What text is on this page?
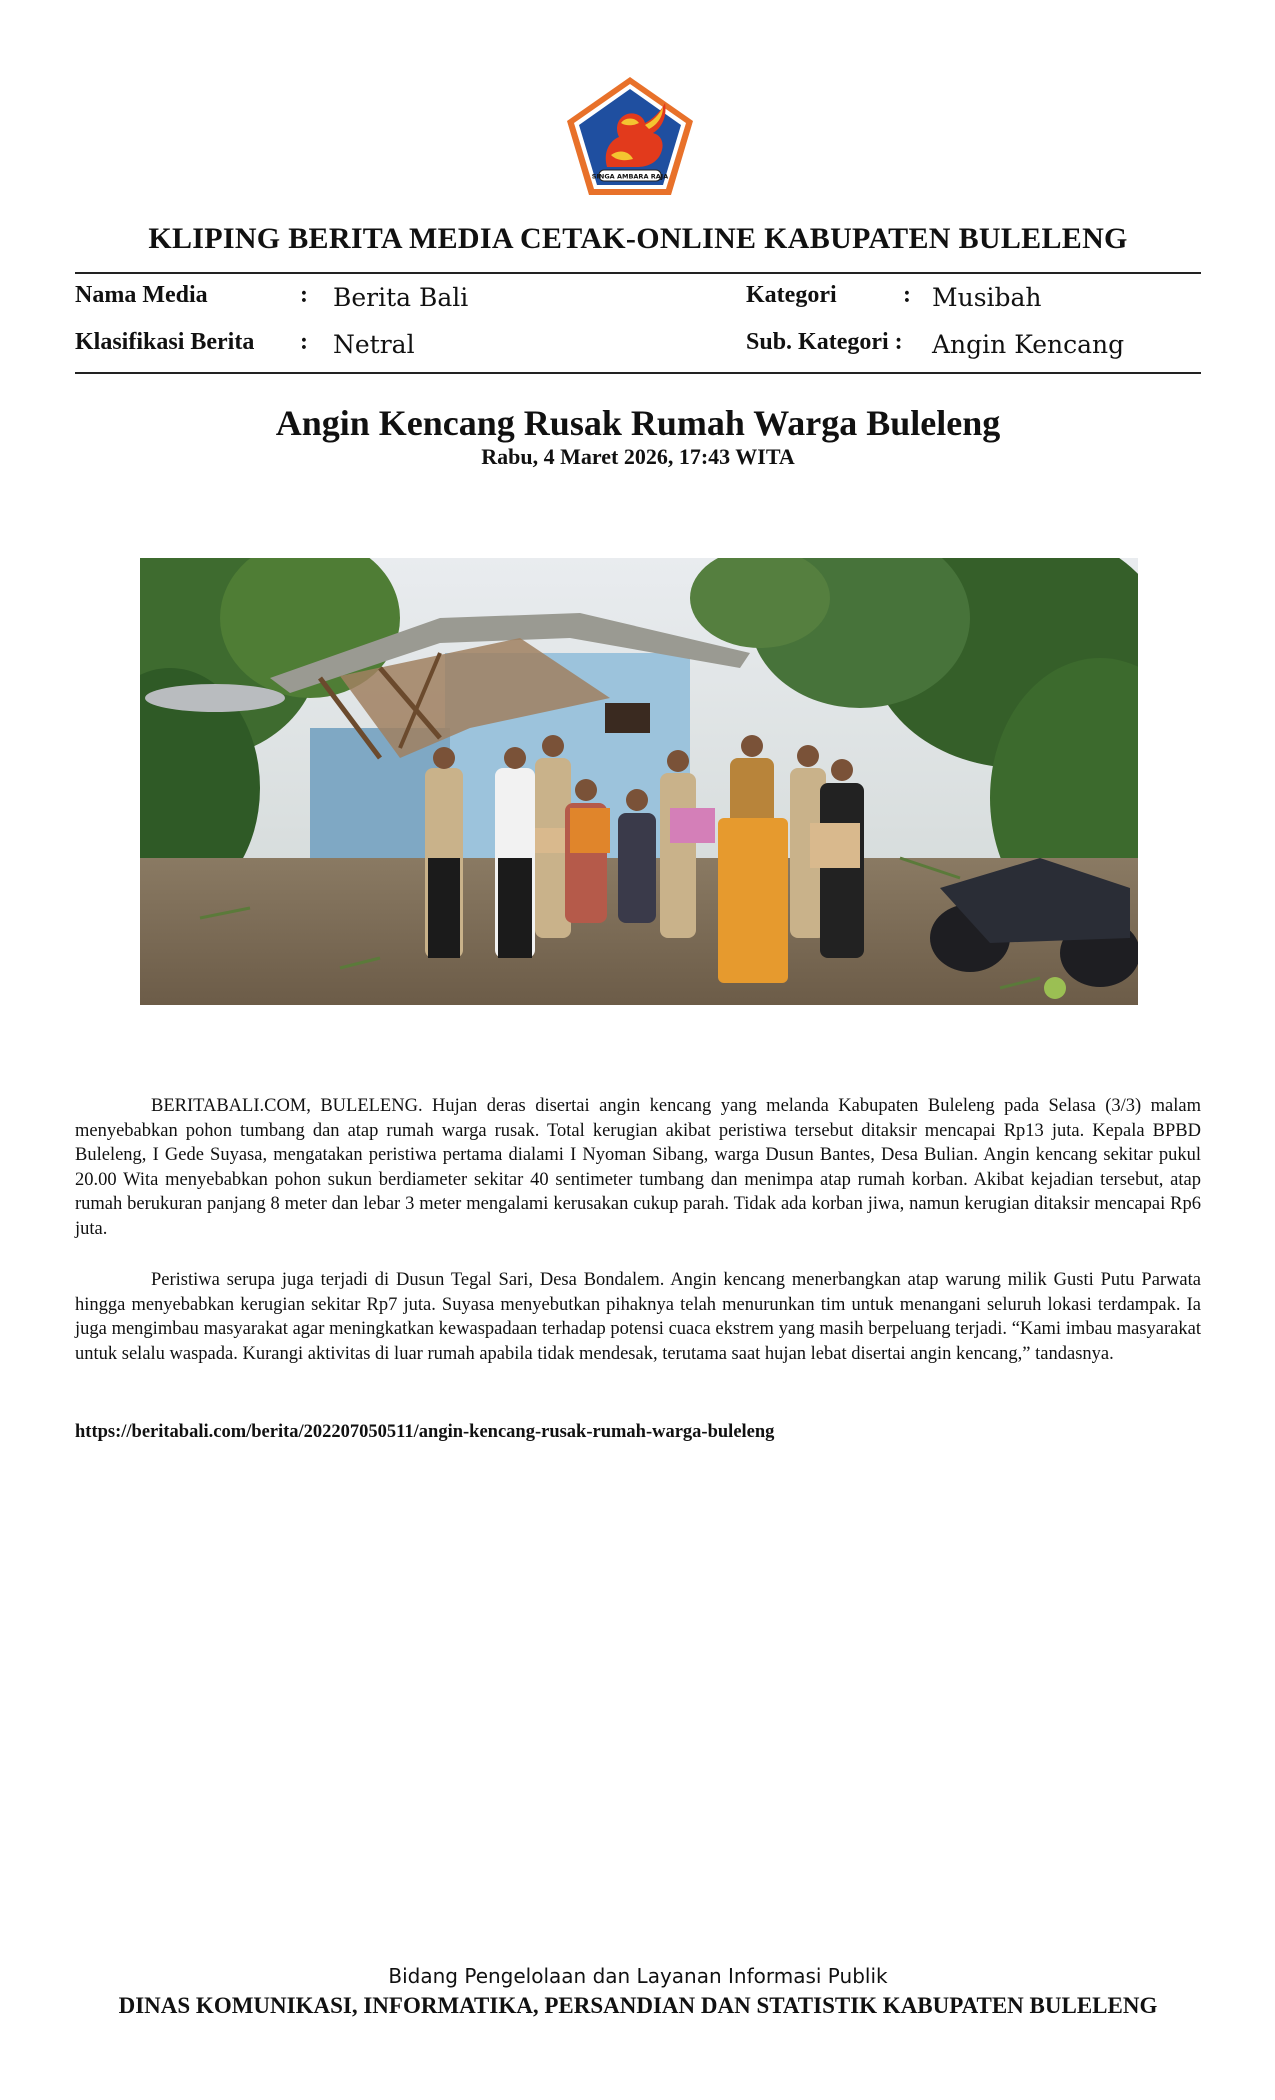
SINGA AMBARA RAJA
KLIPING BERITA MEDIA CETAK-ONLINE KABUPATEN BULELENG
Nama Media	: Berita Bali
Klasifikasi Berita : Netral
Kategori	: Musibah
Sub. Kategori : Angin Kencang
Angin Kencang Rusak Rumah Warga Buleleng
Rabu, 4 Maret 2026, 17:43 WITA

BERITABALI.COM, BULELENG. Hujan deras disertai angin kencang yang melanda Kabupaten Buleleng pada Selasa (3/3) malam menyebabkan pohon tumbang dan atap rumah warga rusak. Total kerugian akibat peristiwa tersebut ditaksir mencapai Rp13 juta. Kepala BPBD Buleleng, I Gede Suyasa, mengatakan peristiwa pertama dialami I Nyoman Sibang, warga Dusun Bantes, Desa Bulian. Angin kencang sekitar pukul 20.00 Wita menyebabkan pohon sukun berdiameter sekitar 40 sentimeter tumbang dan menimpa atap rumah korban. Akibat kejadian tersebut, atap rumah berukuran panjang 8 meter dan lebar 3 meter mengalami kerusakan cukup parah. Tidak ada korban jiwa, namun kerugian ditaksir mencapai Rp6 juta.

Peristiwa serupa juga terjadi di Dusun Tegal Sari, Desa Bondalem. Angin kencang menerbangkan atap warung milik Gusti Putu Parwata hingga menyebabkan kerugian sekitar Rp7 juta. Suyasa menyebutkan pihaknya telah menurunkan tim untuk menangani seluruh lokasi terdampak. Ia juga mengimbau masyarakat agar meningkatkan kewaspadaan terhadap potensi cuaca ekstrem yang masih berpeluang terjadi. “Kami imbau masyarakat untuk selalu waspada. Kurangi aktivitas di luar rumah apabila tidak mendesak, terutama saat hujan lebat disertai angin kencang,” tandasnya.

https://beritabali.com/berita/202207050511/angin-kencang-rusak-rumah-warga-buleleng
Bidang Pengelolaan dan Layanan Informasi Publik
DINAS KOMUNIKASI, INFORMATIKA, PERSANDIAN DAN STATISTIK KABUPATEN BULELENG
